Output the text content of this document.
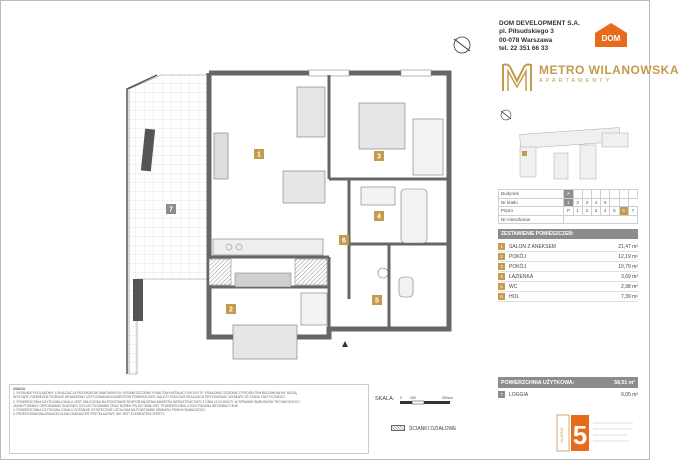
1
2
3
4
5
6
7
DOM DEVELOPMENT S.A.
pl. Piłsudskiego 3
00-078 Warszawa
tel. 22 351 66 33
DOM
METRO WILANOWSKA
APARTAMENTY
Budynek	A							
Nr klatki	1	2	3	4	5			
Piętro	P	1	2	3	4	5	6	7
Nr mieszkania								
ZESTAWIENIE POMIESZCZEŃ:
1	SALON Z ANEKSEM	21,47 m²
2	POKÓJ	12,19 m²
3	POKÓJ	10,79 m²
4	ŁAZIENKA	3,69 m²
5	WC	2,98 m²
6	HOL	7,39 m²
POWIERZCHNIA UŻYTKOWA:	58,51 m²
7	LOGGIA	9,05 m²
KLATKA 5
UWAGA
1. RYSUNEK POGLĄDOWY. LOKALIZACJA PRZYBORÓW SANITARNYCH, ROZMIESZCZENIE PUNKTÓW INSTALACYJNYCH ITP. POKAZANO ZGODNIE Z PROJEKTEM BUDOWLANYM. MOGĄ
WYSTĄPIĆ NIEWIELKIE RÓŻNICE WYMIARÓW I USYTUOWANIA ELEMENTÓW POMIESZCZEŃ. NALEŻY PODCZAS REALIZACJI PRZYJMOWAĆ WYMIARY ZE STANU FAKTYCZNEGO.
2. POWIERZCHNIA UŻYTKOWA LOKALU JEST OBLICZONA NA PODSTAWIE ROZPORZĄDZENIA MINISTRA INFRASTRUKTURY Z DNIA 12.04.2002 R. W SPRAWIE WARUNKÓW TECHNICZNYCH
JAKIM POWINNY ODPOWIADAĆ BUDYNKI I ICH USYTUOWANIE ORAZ NORMY PN-ISO 9836:1997. POWIERZCHNIA LOGGI PODANA INFORMACYJNIE.
3. POWIERZCHNIA UŻYTKOWA LOKALU ZOSTANIE OSTATECZNIE USTALONA NA PODSTAWIE OBMIARU POWYKONAWCZEGO.
4. PRZEDSTAWIONA ARANŻACJA MA CHARAKTER PRZYKŁADOWY, NIE JEST ELEMENTEM OFERTY.
SKALA: 0 100	300cm
ŚCIANKI DZIAŁOWE
